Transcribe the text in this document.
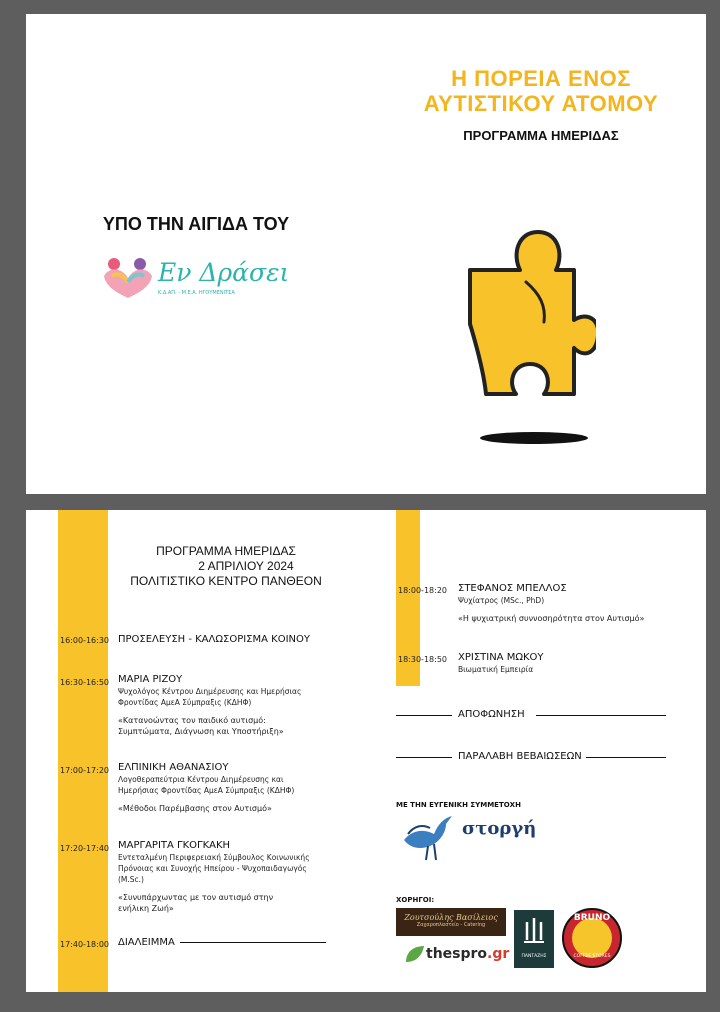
Η ΠΟΡΕΙΑ ΕΝΟΣ
ΑΥΤΙΣΤΙΚΟΥ ΑΤΟΜΟΥ
ΠΡΟΓΡΑΜΜΑ ΗΜΕΡΙΔΑΣ
ΥΠΟ ΤΗΝ ΑΙΓΙΔΑ ΤΟΥ
Εν Δράσει
Κ.Δ.ΑΠ. - Μ.Ε.Α. ΗΓΟΥΜΕΝΙΤΣΑ
ΠΡΟΓΡΑΜΜΑ ΗΜΕΡΙΔΑΣ
2 ΑΠΡΙΛΙΟΥ 2024
ΠΟΛΙΤΙΣΤΙΚΟ ΚΕΝΤΡΟ ΠΑΝΘΕΟΝ
16:00-16:30 ΠΡΟΣΕΛΕΥΣΗ - ΚΑΛΩΣΟΡΙΣΜΑ ΚΟΙΝΟΥ
16:30-16:50 ΜΑΡΙΑ ΡΙΖΟΥ
Ψυχολόγος Κέντρου Διημέρευσης και Ημερήσιας
Φροντίδας ΑμεΑ Σύμπραξις (ΚΔΗΦ)
«Κατανοώντας τον παιδικό αυτισμό:
Συμπτώματα, Διάγνωση και Υποστήριξη»
17:00-17:20 ΕΛΠΙΝΙΚΗ ΑΘΑΝΑΣΙΟΥ
Λογοθεραπεύτρια Κέντρου Διημέρευσης και
Ημερήσιας Φροντίδας ΑμεΑ Σύμπραξις (ΚΔΗΦ)
«Μέθοδοι Παρέμβασης στον Αυτισμό»
17:20-17:40 ΜΑΡΓΑΡΙΤΑ ΓΚΟΓΚΑΚΗ
Εντεταλμένη Περιφερειακή Σύμβουλος Κοινωνικής
Πρόνοιας και Συνοχής Ηπείρου - Ψυχοπαιδαγωγός
(M.Sc.)
«Συνυπάρχωντας με τον αυτισμό στην
ενήλικη Ζωή»
17:40-18:00 ΔΙΑΛΕΙΜΜΑ
18:00-18:20 ΣΤΕΦΑΝΟΣ ΜΠΕΛΛΟΣ
Ψυχίατρος (MSc., PhD)
«Η ψυχιατρική συννοσηρότητα στον Αυτισμό»
18:30-18:50 ΧΡΙΣΤΙΝΑ ΜΩΚΟΥ
Βιωματική Εμπειρία
ΑΠΟΦΩΝΗΣΗ
ΠΑΡΑΛΑΒΗ ΒΕΒΑΙΩΣΕΩΝ
ΜΕ ΤΗΝ ΕΥΓΕΝΙΚΗ ΣΥΜΜΕΤΟΧΗ
στοργή
ΧΟΡΗΓΟΙ:
Ζουτσούλης Βασίλειος
Ζαχαροπλαστείο - Catering
thespro.gr	ΠΑΝΤΑΖΗΣ
BRUNO
COFFEE STORES
